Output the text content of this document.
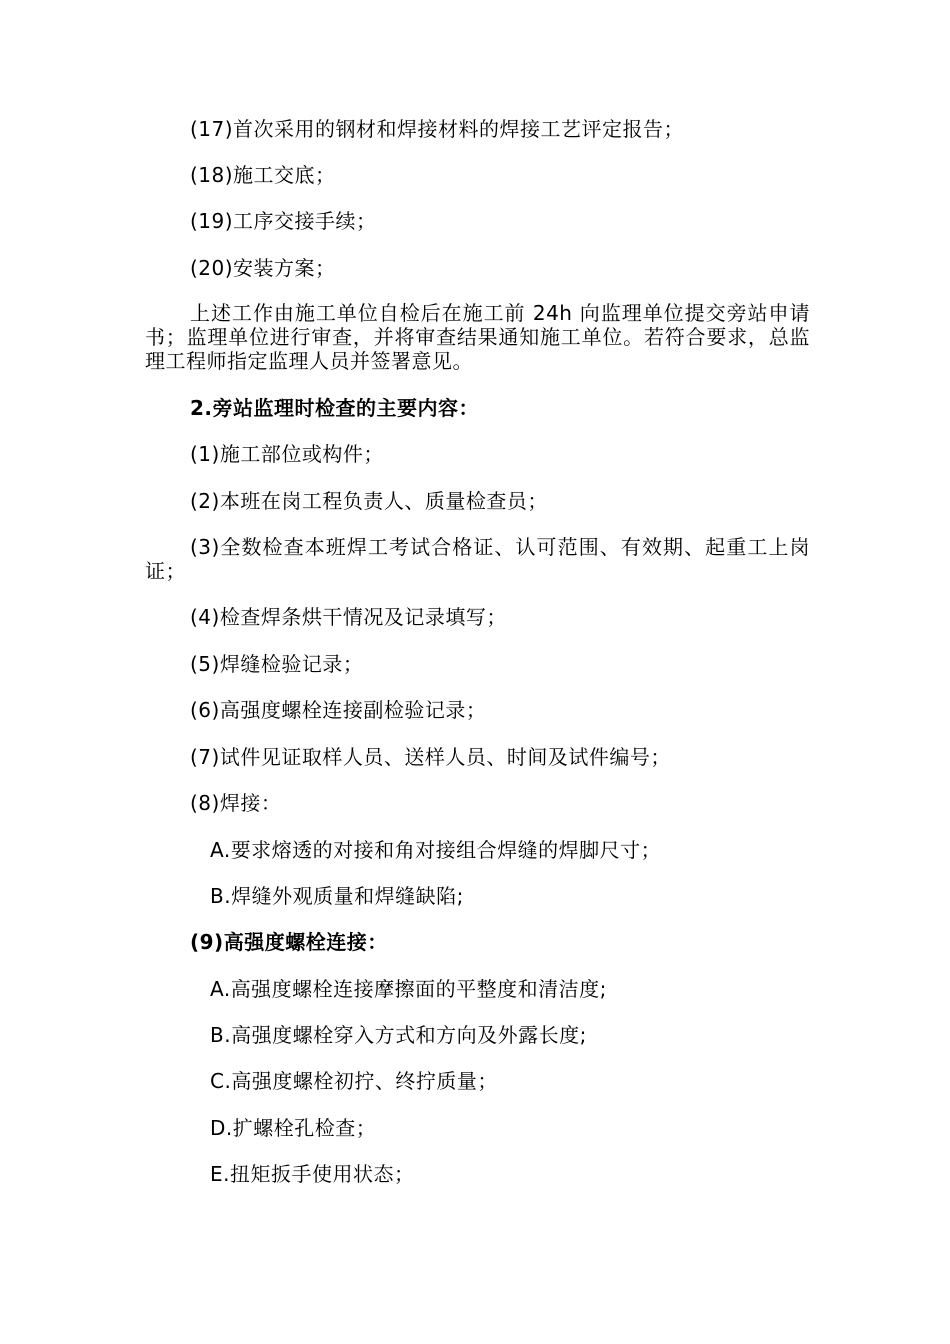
(17)首次采用的钢材和焊接材料的焊接工艺评定报告；
(18)施工交底；
(19)工序交接手续；
(20)安装方案；
上述工作由施工单位自检后在施工前 24h 向监理单位提交旁站申请书；监理单位进行审查，并将审查结果通知施工单位。若符合要求，总监理工程师指定监理人员并签署意见。
2.旁站监理时检查的主要内容：
(1)施工部位或构件；
(2)本班在岗工程负责人、质量检查员；
(3)全数检查本班焊工考试合格证、认可范围、有效期、起重工上岗证；
(4)检查焊条烘干情况及记录填写；
(5)焊缝检验记录；
(6)高强度螺栓连接副检验记录；
(7)试件见证取样人员、送样人员、时间及试件编号；
(8)焊接：
A.要求熔透的对接和角对接组合焊缝的焊脚尺寸；
B.焊缝外观质量和焊缝缺陷;
(9)高强度螺栓连接：
A.高强度螺栓连接摩擦面的平整度和清洁度;
B.高强度螺栓穿入方式和方向及外露长度;
C.高强度螺栓初拧、终拧质量；
D.扩螺栓孔检查；
E.扭矩扳手使用状态；
